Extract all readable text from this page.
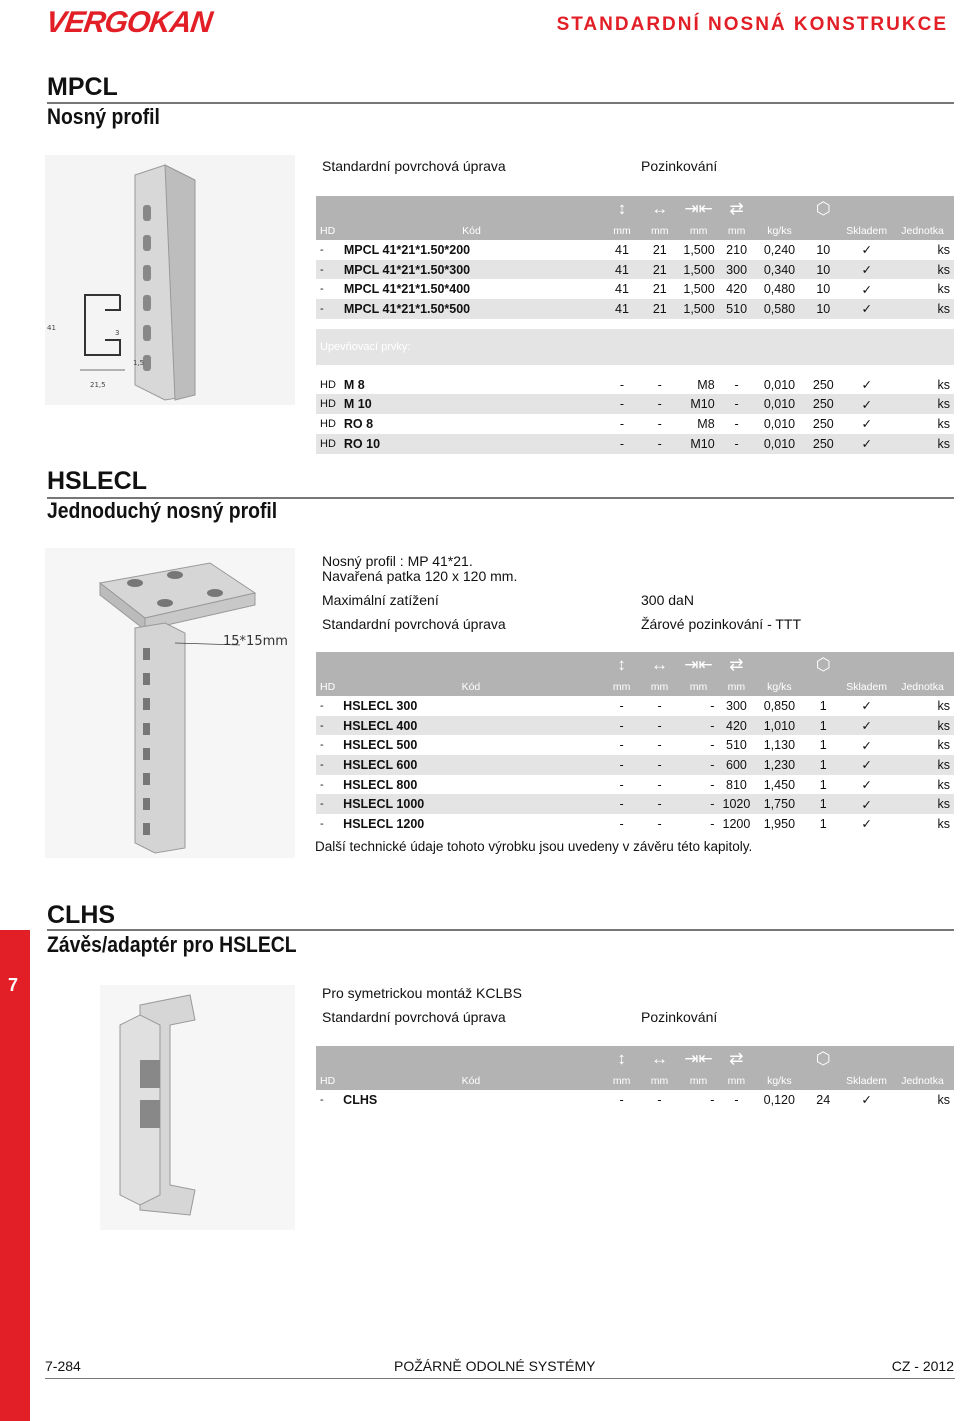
VERGOKAN	STANDARDNÍ NOSNÁ KONSTRUKCE
MPCL
Nosný profil
41
21,5
3
1,5
Standardní povrchová úprava	Pozinkování
		↕	↔	⇥⇤	⇄		⬡		
HD	Kód	mm	mm	mm	mm	kg/ks		Skladem	Jednotka
-	MPCL 41*21*1.50*200	41	21	1,500	210	0,240	10	✓	ks
-	MPCL 41*21*1.50*300	41	21	1,500	300	0,340	10	✓	ks
-	MPCL 41*21*1.50*400	41	21	1,500	420	0,480	10	✓	ks
-	MPCL 41*21*1.50*500	41	21	1,500	510	0,580	10	✓	ks

Upevňovací prvky:									

HD	M 8	-	-	M8	-	0,010	250	✓	ks
HD	M 10	-	-	M10	-	0,010	250	✓	ks
HD	RO 8	-	-	M8	-	0,010	250	✓	ks
HD	RO 10	-	-	M10	-	0,010	250	✓	ks
HSLECL
Jednoduchý nosný profil
15*15mm
Nosný profil : MP 41*21.
Navařená patka 120 x 120 mm.
Maximální zatížení	300 daN
Standardní povrchová úprava	Žárové pozinkování - TTT
		↕	↔	⇥⇤	⇄		⬡		
HD	Kód	mm	mm	mm	mm	kg/ks		Skladem	Jednotka
-	HSLECL 300	-	-	-	300	0,850	1	✓	ks
-	HSLECL 400	-	-	-	420	1,010	1	✓	ks
-	HSLECL 500	-	-	-	510	1,130	1	✓	ks
-	HSLECL 600	-	-	-	600	1,230	1	✓	ks
-	HSLECL 800	-	-	-	810	1,450	1	✓	ks
-	HSLECL 1000	-	-	-	1020	1,750	1	✓	ks
-	HSLECL 1200	-	-	-	1200	1,950	1	✓	ks
Další technické údaje tohoto výrobku jsou uvedeny v závěru této kapitoly.
CLHS
Závěs/adaptér pro HSLECL
Pro symetrickou montáž KCLBS
Standardní povrchová úprava	Pozinkování
		↕	↔	⇥⇤	⇄		⬡		
HD	Kód	mm	mm	mm	mm	kg/ks		Skladem	Jednotka
-	CLHS	-	-	-	-	0,120	24	✓	ks
7
7-284	POŽÁRNĚ ODOLNÉ SYSTÉMY	CZ - 2012
